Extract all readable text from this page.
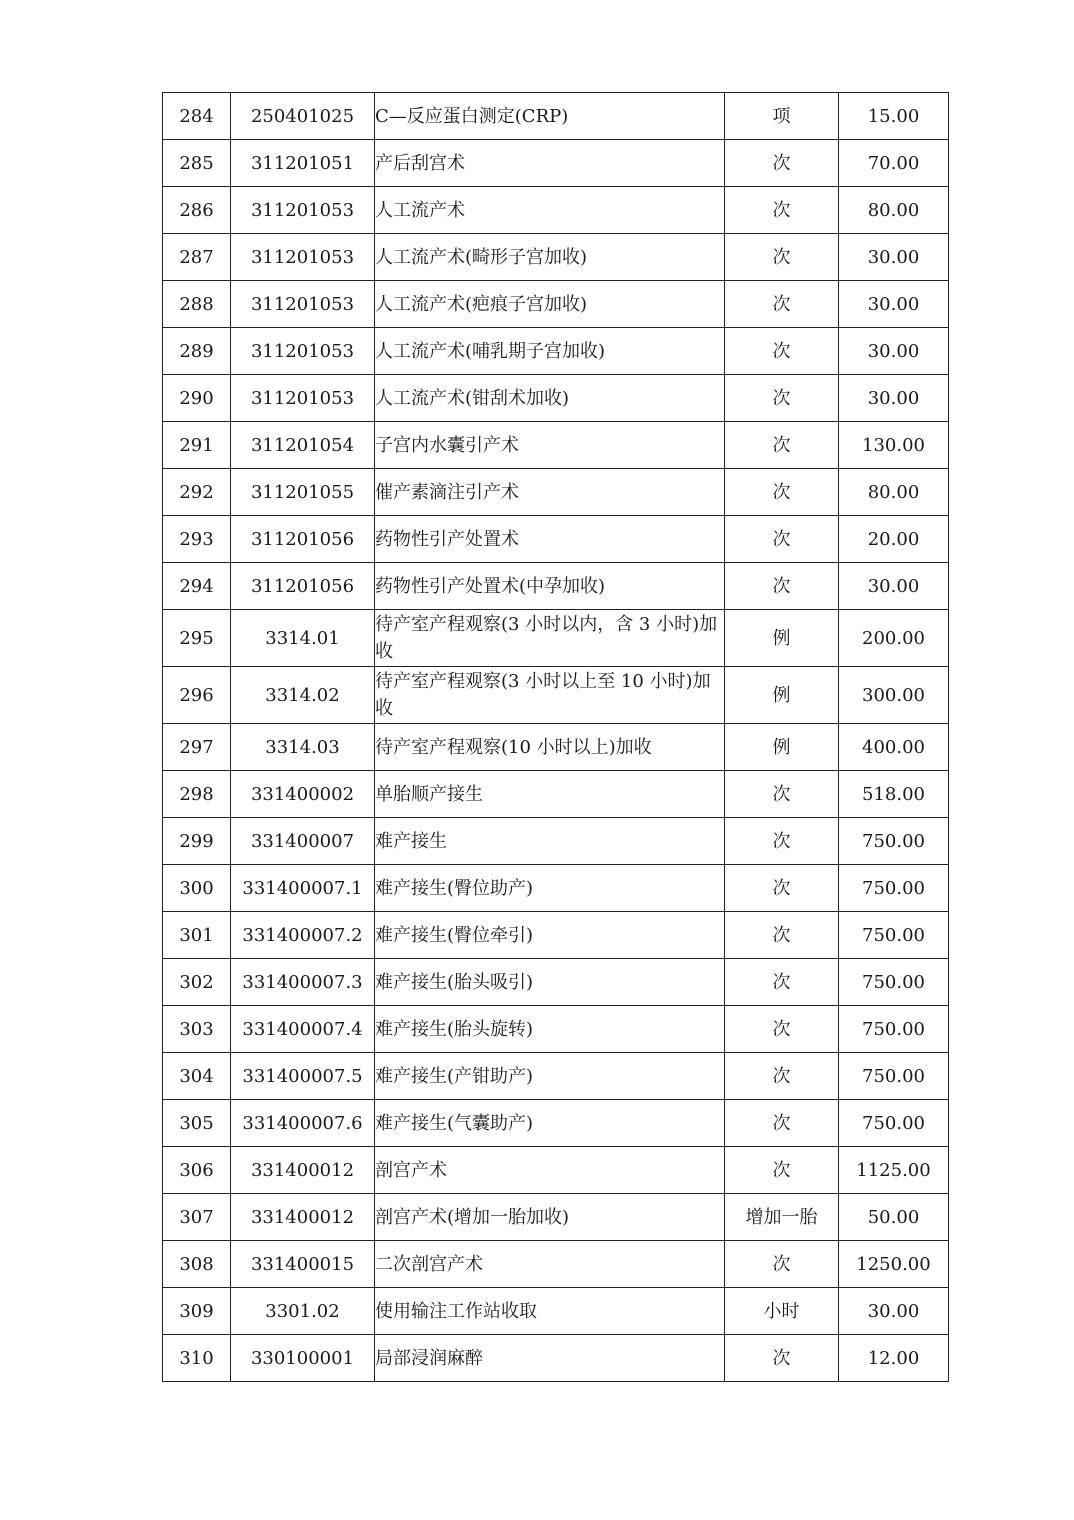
284	250401025	C—反应蛋白测定(CRP)	项	15.00
285	311201051	产后刮宫术	次	70.00
286	311201053	人工流产术	次	80.00
287	311201053	人工流产术(畸形子宫加收)	次	30.00
288	311201053	人工流产术(疤痕子宫加收)	次	30.00
289	311201053	人工流产术(哺乳期子宫加收)	次	30.00
290	311201053	人工流产术(钳刮术加收)	次	30.00
291	311201054	子宫内水囊引产术	次	130.00
292	311201055	催产素滴注引产术	次	80.00
293	311201056	药物性引产处置术	次	20.00
294	311201056	药物性引产处置术(中孕加收)	次	30.00
295	3314.01	待产室产程观察(3 小时以内，含 3 小时)加收	例	200.00
296	3314.02	待产室产程观察(3 小时以上至 10 小时)加收	例	300.00
297	3314.03	待产室产程观察(10 小时以上)加收	例	400.00
298	331400002	单胎顺产接生	次	518.00
299	331400007	难产接生	次	750.00
300	331400007.1	难产接生(臀位助产)	次	750.00
301	331400007.2	难产接生(臀位牵引)	次	750.00
302	331400007.3	难产接生(胎头吸引)	次	750.00
303	331400007.4	难产接生(胎头旋转)	次	750.00
304	331400007.5	难产接生(产钳助产)	次	750.00
305	331400007.6	难产接生(气囊助产)	次	750.00
306	331400012	剖宫产术	次	1125.00
307	331400012	剖宫产术(增加一胎加收)	增加一胎	50.00
308	331400015	二次剖宫产术	次	1250.00
309	3301.02	使用输注工作站收取	小时	30.00
310	330100001	局部浸润麻醉	次	12.00
